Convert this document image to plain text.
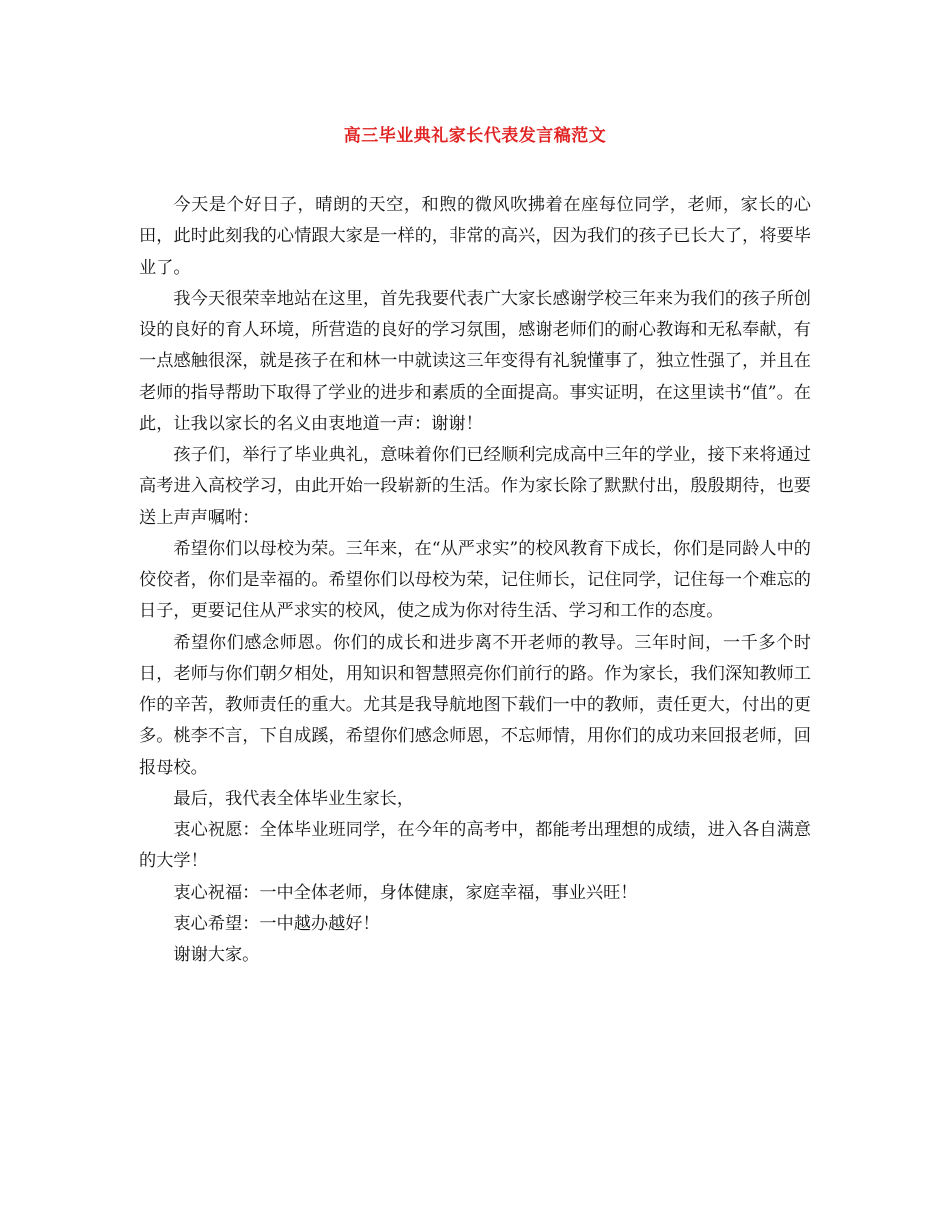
高三毕业典礼家长代表发言稿范文

今天是个好日子，晴朗的天空，和煦的微风吹拂着在座每位同学，老师，家长的心田，此时此刻我的心情跟大家是一样的，非常的高兴，因为我们的孩子已长大了，将要毕业了。

我今天很荣幸地站在这里，首先我要代表广大家长感谢学校三年来为我们的孩子所创设的良好的育人环境，所营造的良好的学习氛围，感谢老师们的耐心教诲和无私奉献，有一点感触很深，就是孩子在和林一中就读这三年变得有礼貌懂事了，独立性强了，并且在老师的指导帮助下取得了学业的进步和素质的全面提高。事实证明，在这里读书“值”。在此，让我以家长的名义由衷地道一声：谢谢！

孩子们，举行了毕业典礼，意味着你们已经顺利完成高中三年的学业，接下来将通过高考进入高校学习，由此开始一段崭新的生活。作为家长除了默默付出，殷殷期待，也要送上声声嘱咐：

希望你们以母校为荣。三年来，在“从严求实”的校风教育下成长，你们是同龄人中的佼佼者，你们是幸福的。希望你们以母校为荣，记住师长，记住同学，记住每一个难忘的日子，更要记住从严求实的校风，使之成为你对待生活、学习和工作的态度。

希望你们感念师恩。你们的成长和进步离不开老师的教导。三年时间，一千多个时日，老师与你们朝夕相处，用知识和智慧照亮你们前行的路。作为家长，我们深知教师工作的辛苦，教师责任的重大。尤其是我导航地图下载们一中的教师，责任更大，付出的更多。桃李不言，下自成蹊，希望你们感念师恩，不忘师情，用你们的成功来回报老师，回报母校。

最后，我代表全体毕业生家长，

衷心祝愿：全体毕业班同学，在今年的高考中，都能考出理想的成绩，进入各自满意的大学！

衷心祝福：一中全体老师，身体健康，家庭幸福，事业兴旺！

衷心希望：一中越办越好！

谢谢大家。
